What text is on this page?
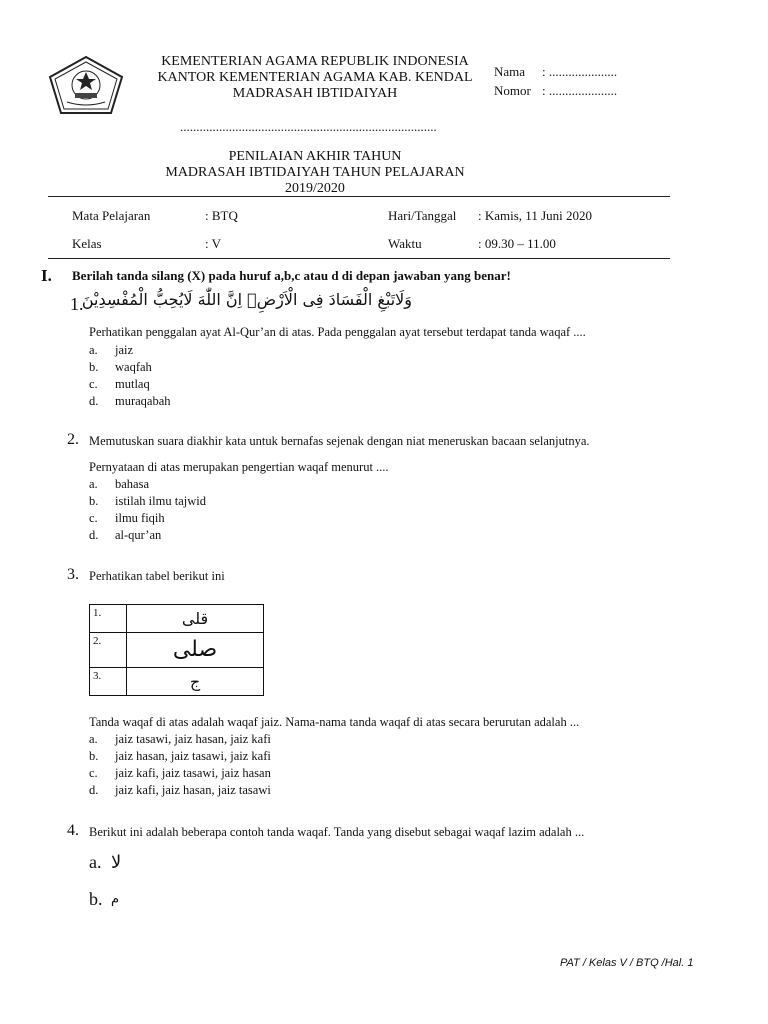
KEMENTERIAN AGAMA REPUBLIK INDONESIA
KANTOR KEMENTERIAN AGAMA KAB. KENDAL
MADRASAH IBTIDAIYAH
...............................................................................
Nama : .....................
Nomor : .....................
PENILAIAN AKHIR TAHUN
MADRASAH IBTIDAIYAH TAHUN PELAJARAN 2019/2020
Mata Pelajaran	: BTQ	Hari/Tanggal : Kamis, 11 Juni 2020
Kelas	: V	Waktu	: 09.30 – 11.00
I. Berilah tanda silang (X) pada huruf a,b,c atau d di depan jawaban yang benar!
1.
وَلَاتَبْغِ الْفَسَادَ فِى الْاَرْضِۗ اِنَّ اللّٰهَ لَايُحِبُّ الْمُفْسِدِيْنَ
Perhatikan penggalan ayat Al-Qur’an di atas. Pada penggalan ayat tersebut terdapat tanda waqaf ....
a.	jaiz
b.	waqfah
c.	mutlaq
d.	muraqabah
2. Memutuskan suara diakhir kata untuk bernafas sejenak dengan niat meneruskan bacaan selanjutnya.
Pernyataan di atas merupakan pengertian waqaf menurut ....
a.	bahasa
b.	istilah ilmu tajwid
c.	ilmu fiqih
d.	al-qur’an
3. Perhatikan tabel berikut ini
1.	قلى
2.	صلى
3.	ج
Tanda waqaf di atas adalah waqaf jaiz. Nama-nama tanda waqaf di atas secara berurutan adalah ...
a.	jaiz tasawi, jaiz hasan, jaiz kafi
b.	jaiz hasan, jaiz tasawi, jaiz kafi
c.	jaiz kafi, jaiz tasawi, jaiz hasan
d.	jaiz kafi, jaiz hasan, jaiz tasawi
4. Berikut ini adalah beberapa contoh tanda waqaf. Tanda yang disebut sebagai waqaf lazim adalah ...
a. لا
b. م
PAT / Kelas V / BTQ /Hal. 1
